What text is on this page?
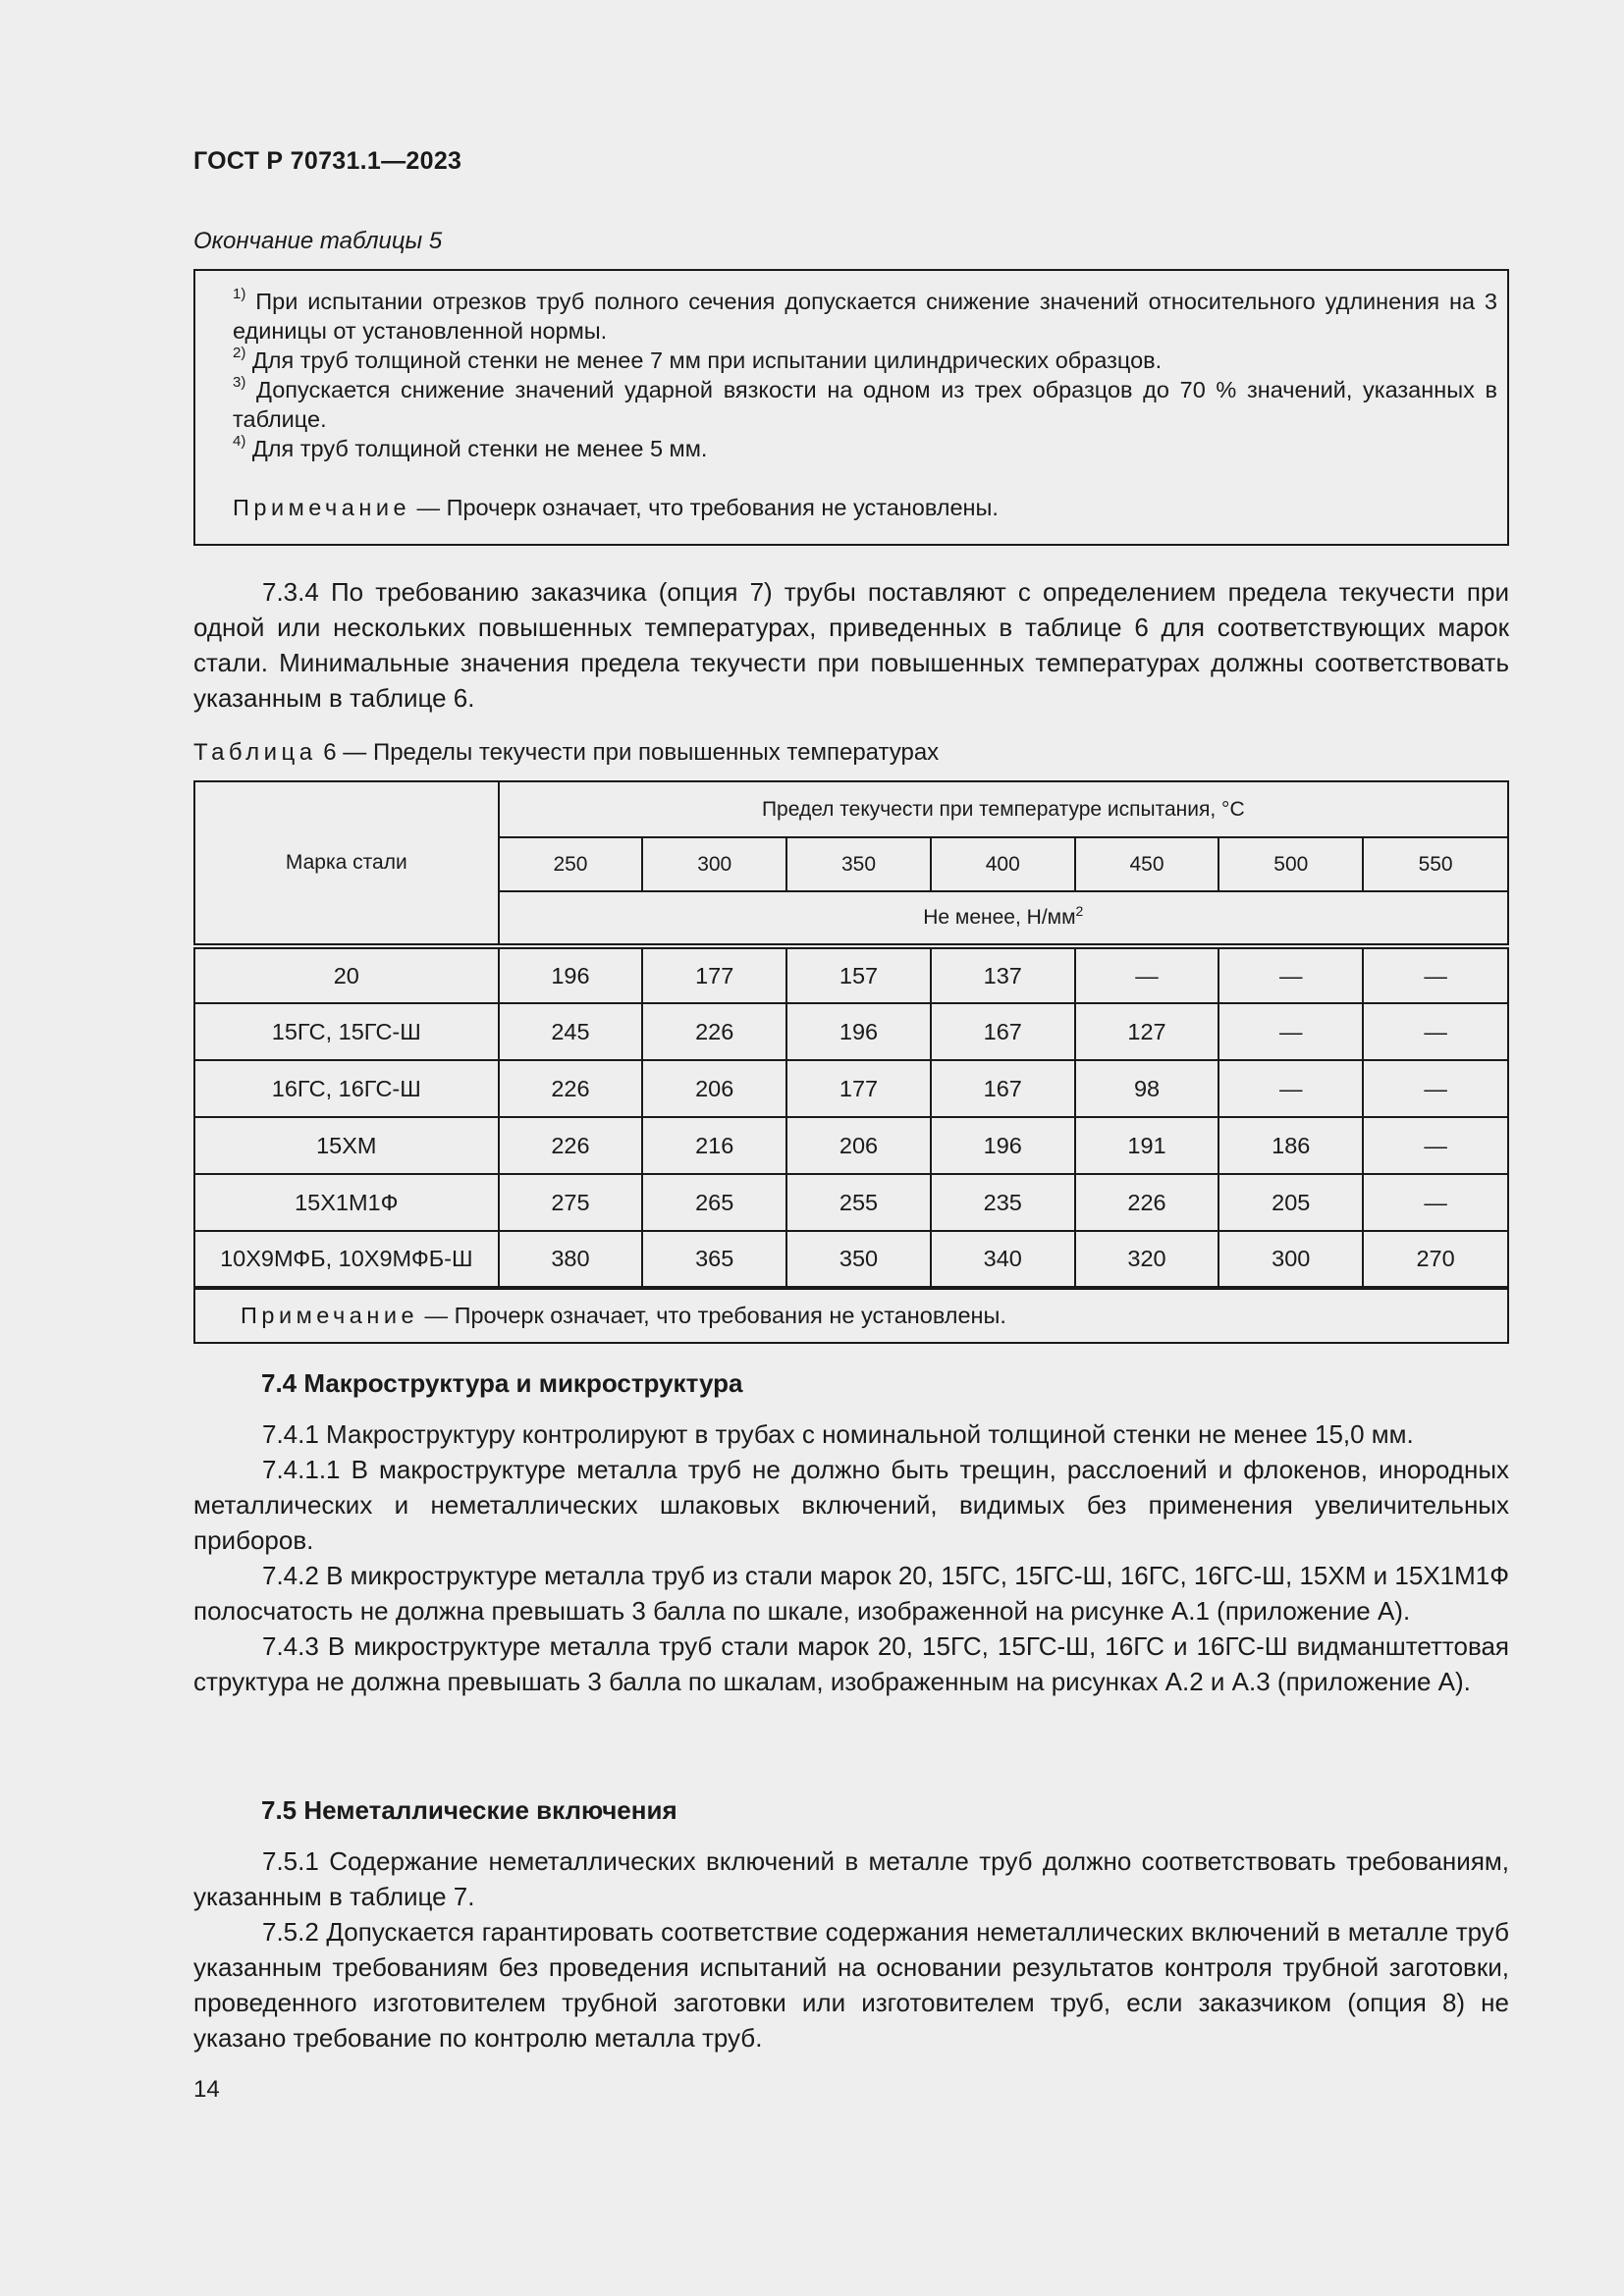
ГОСТ Р 70731.1—2023
Окончание таблицы 5

$^{1)}$ При испытании отрезков труб полного сечения допускается снижение значений относительного удлинения на 3 единицы от установленной нормы.

$^{2)}$ Для труб толщиной стенки не менее 7 мм при испытании цилиндрических образцов.

$^{3)}$ Допускается снижение значений ударной вязкости на одном из трех образцов до 70 % значений, указанных в таблице.

$^{4)}$ Для труб толщиной стенки не менее 5 мм.

Примечание — Прочерк означает, что требования не установлены.

7.3.4 По требованию заказчика (опция 7) трубы поставляют с определением предела текучести при одной или нескольких повышенных температурах, приведенных в таблице 6 для соответствующих марок стали. Минимальные значения предела текучести при повышенных температурах должны соответствовать указанным в таблице 6.

Таблица 6 — Пределы текучести при повышенных температурах
Марка стали	Предел текучести при температуре испытания, °С						
	250	300	350	400	450	500	550
	Не менее, $Н/мм^2$
20	196	177	157	137	—	—	—
15ГС, 15ГС-Ш	245	226	196	167	127	—	—
16ГС, 16ГС-Ш	226	206	177	167	98	—	—
15ХМ	226	216	206	196	191	186	—
15Х1М1Ф	275	265	255	235	226	205	—
10Х9МФБ, 10Х9МФБ-Ш	380	365	350	340	320	300	270
Примечание — Прочерк означает, что требования не установлены.							
7.4 Макроструктура и микроструктура

7.4.1 Макроструктуру контролируют в трубах с номинальной толщиной стенки не менее 15,0 мм.

7.4.1.1 В макроструктуре металла труб не должно быть трещин, расслоений и флокенов, инородных металлических и неметаллических шлаковых включений, видимых без применения увеличительных приборов.

7.4.2 В микроструктуре металла труб из стали марок 20, 15ГС, 15ГС-Ш, 16ГС, 16ГС-Ш, 15ХМ и 15Х1М1Ф полосчатость не должна превышать 3 балла по шкале, изображенной на рисунке А.1 (приложение А).

7.4.3 В микроструктуре металла труб стали марок 20, 15ГС, 15ГС-Ш, 16ГС и 16ГС-Ш видманштеттовая структура не должна превышать 3 балла по шкалам, изображенным на рисунках А.2 и А.3 (приложение А).

7.5 Неметаллические включения

7.5.1 Содержание неметаллических включений в металле труб должно соответствовать требованиям, указанным в таблице 7.

7.5.2 Допускается гарантировать соответствие содержания неметаллических включений в металле труб указанным требованиям без проведения испытаний на основании результатов контроля трубной заготовки, проведенного изготовителем трубной заготовки или изготовителем труб, если заказчиком (опция 8) не указано требование по контролю металла труб.

14
